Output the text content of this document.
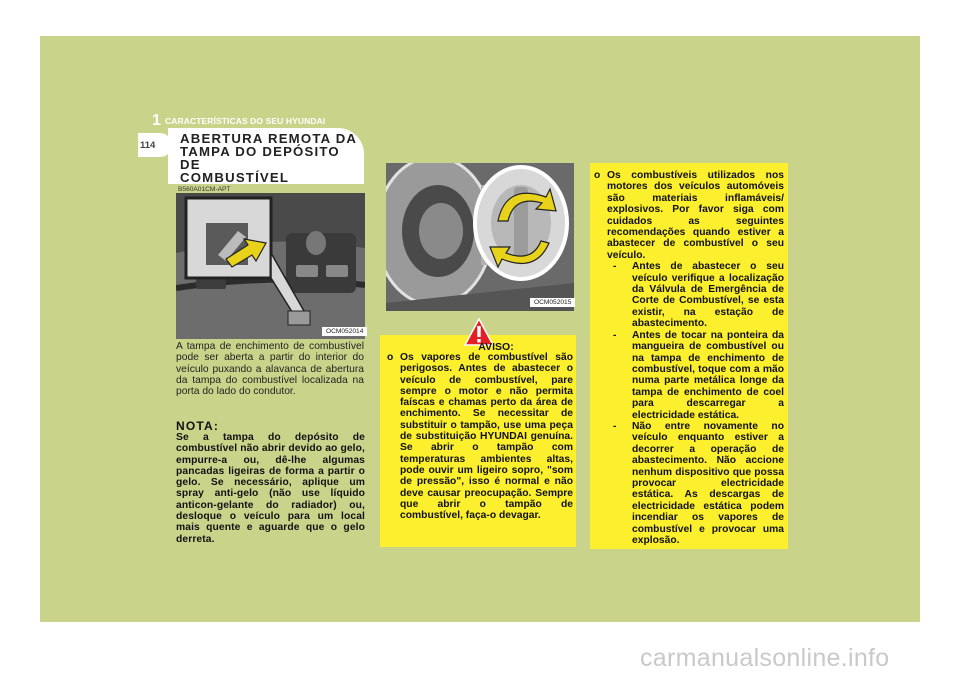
1 CARACTERÍSTICAS DO SEU HYUNDAI
114 ABERTURA REMOTA DA
TAMPA DO DEPÓSITO DE
COMBUSTÍVEL
B560A01CM-APT
OCM052014
OCM052015
A tampa de enchimento de combustível pode ser aberta a partir do interior do veículo puxando a alavanca de abertura da tampa do combustível localizada na porta do lado do condutor.
NOTA:
Se a tampa do depósito de combustível não abrir devido ao gelo, empurre-a ou, dê-lhe algumas pancadas ligeiras de forma a partir o gelo. Se necessário, aplique um spray anti-gelo (não use líquido anticon-gelante do radiador) ou, desloque o veículo para um local mais quente e aguarde que o gelo derreta.
AVISO:
o Os vapores de combustível são perigosos. Antes de abastecer o veículo de combustível, pare sempre o motor e não permita faíscas e chamas perto da área de enchimento. Se necessitar de substituir o tampão, use uma peça de substituição HYUNDAI genuína. Se abrir o tampão com temperaturas ambientes altas, pode ouvir um ligeiro sopro, "som de pressão", isso é normal e não deve causar preocupação. Sempre que abrir o tampão de combustível, faça-o devagar.
o Os combustíveis utilizados nos motores dos veículos automóveis são materiais inflamáveis/ explosivos. Por favor siga com cuidados as seguintes recomendações quando estiver a abastecer de combustível o seu veículo.
-	Antes de abastecer o seu veículo verifique a localização da Válvula de Emergência de Corte de Combustível, se esta existir, na estação de abastecimento.
-	Antes de tocar na ponteira da mangueira de combustível ou na tampa de enchimento de combustível, toque com a mão numa parte metálica longe da tampa de enchimento de coel para descarregar a electricidade estática.
-	Não entre novamente no veículo enquanto estiver a decorrer a operação de abastecimento. Não accione nenhum dispositivo que possa provocar electricidade estática. As descargas de electricidade estática podem incendiar os vapores de combustível e provocar uma explosão.
carmanualsonline.info
